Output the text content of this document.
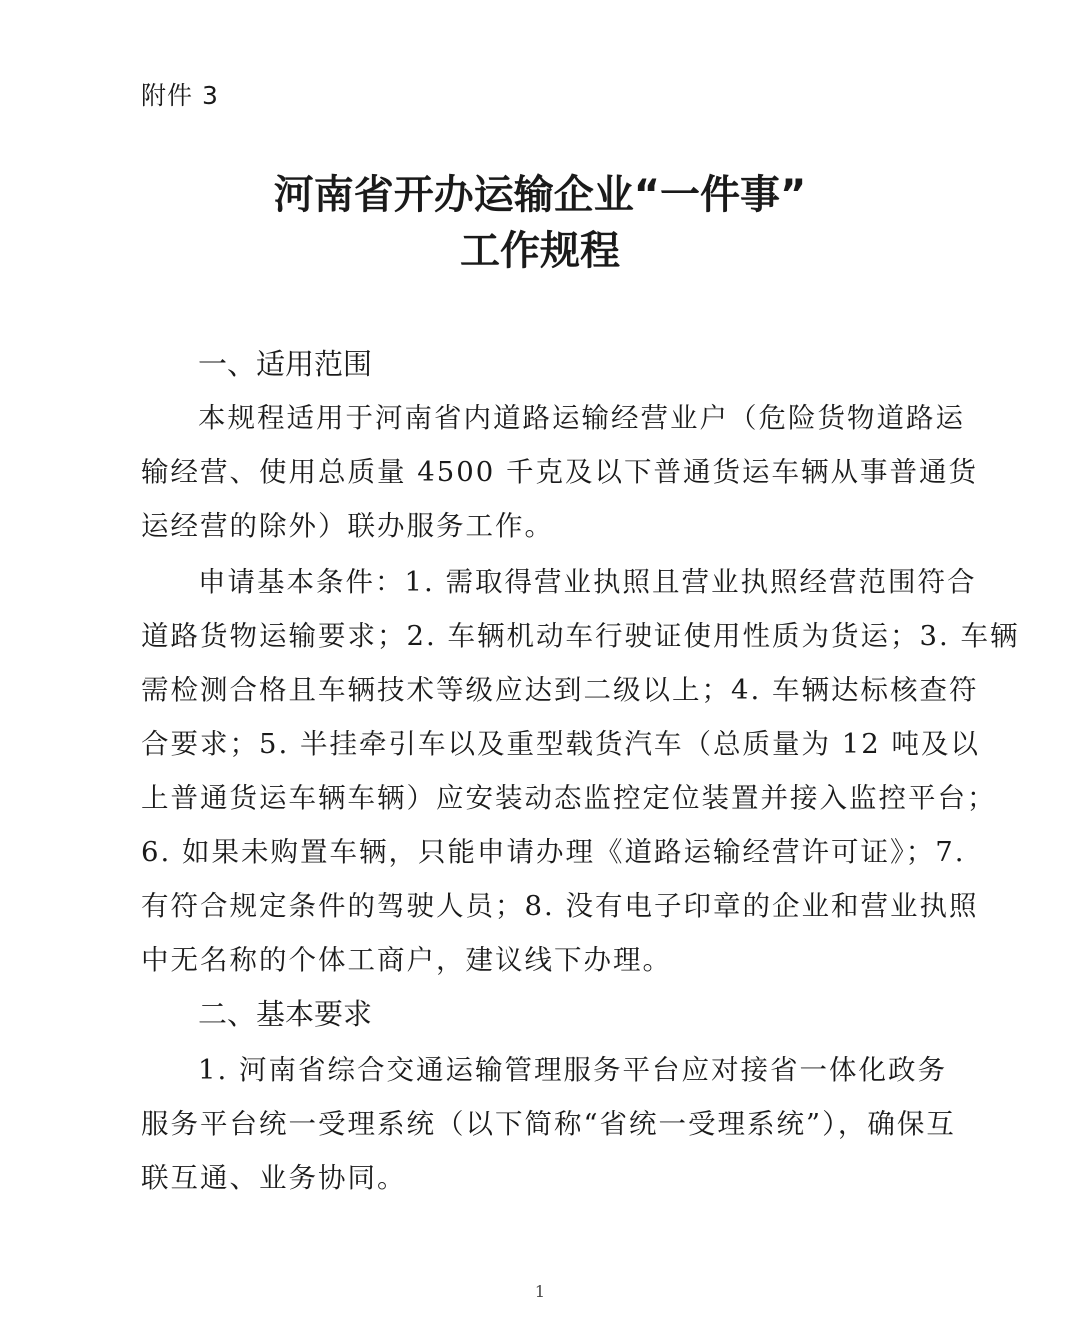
附件 3
河南省开办运输企业“一件事”
工作规程
一、适用范围
本规程适用于河南省内道路运输经营业户（危险货物道路运
输经营、使用总质量 4500 千克及以下普通货运车辆从事普通货
运经营的除外）联办服务工作。
申请基本条件：1. 需取得营业执照且营业执照经营范围符合
道路货物运输要求；2. 车辆机动车行驶证使用性质为货运；3. 车辆
需检测合格且车辆技术等级应达到二级以上；4. 车辆达标核查符
合要求；5. 半挂牵引车以及重型载货汽车（总质量为 12 吨及以
上普通货运车辆车辆）应安装动态监控定位装置并接入监控平台；
6. 如果未购置车辆，只能申请办理《道路运输经营许可证》；7.
有符合规定条件的驾驶人员；8. 没有电子印章的企业和营业执照
中无名称的个体工商户，建议线下办理。
二、基本要求
1. 河南省综合交通运输管理服务平台应对接省一体化政务
服务平台统一受理系统（以下简称“省统一受理系统”），确保互
联互通、业务协同。
1
